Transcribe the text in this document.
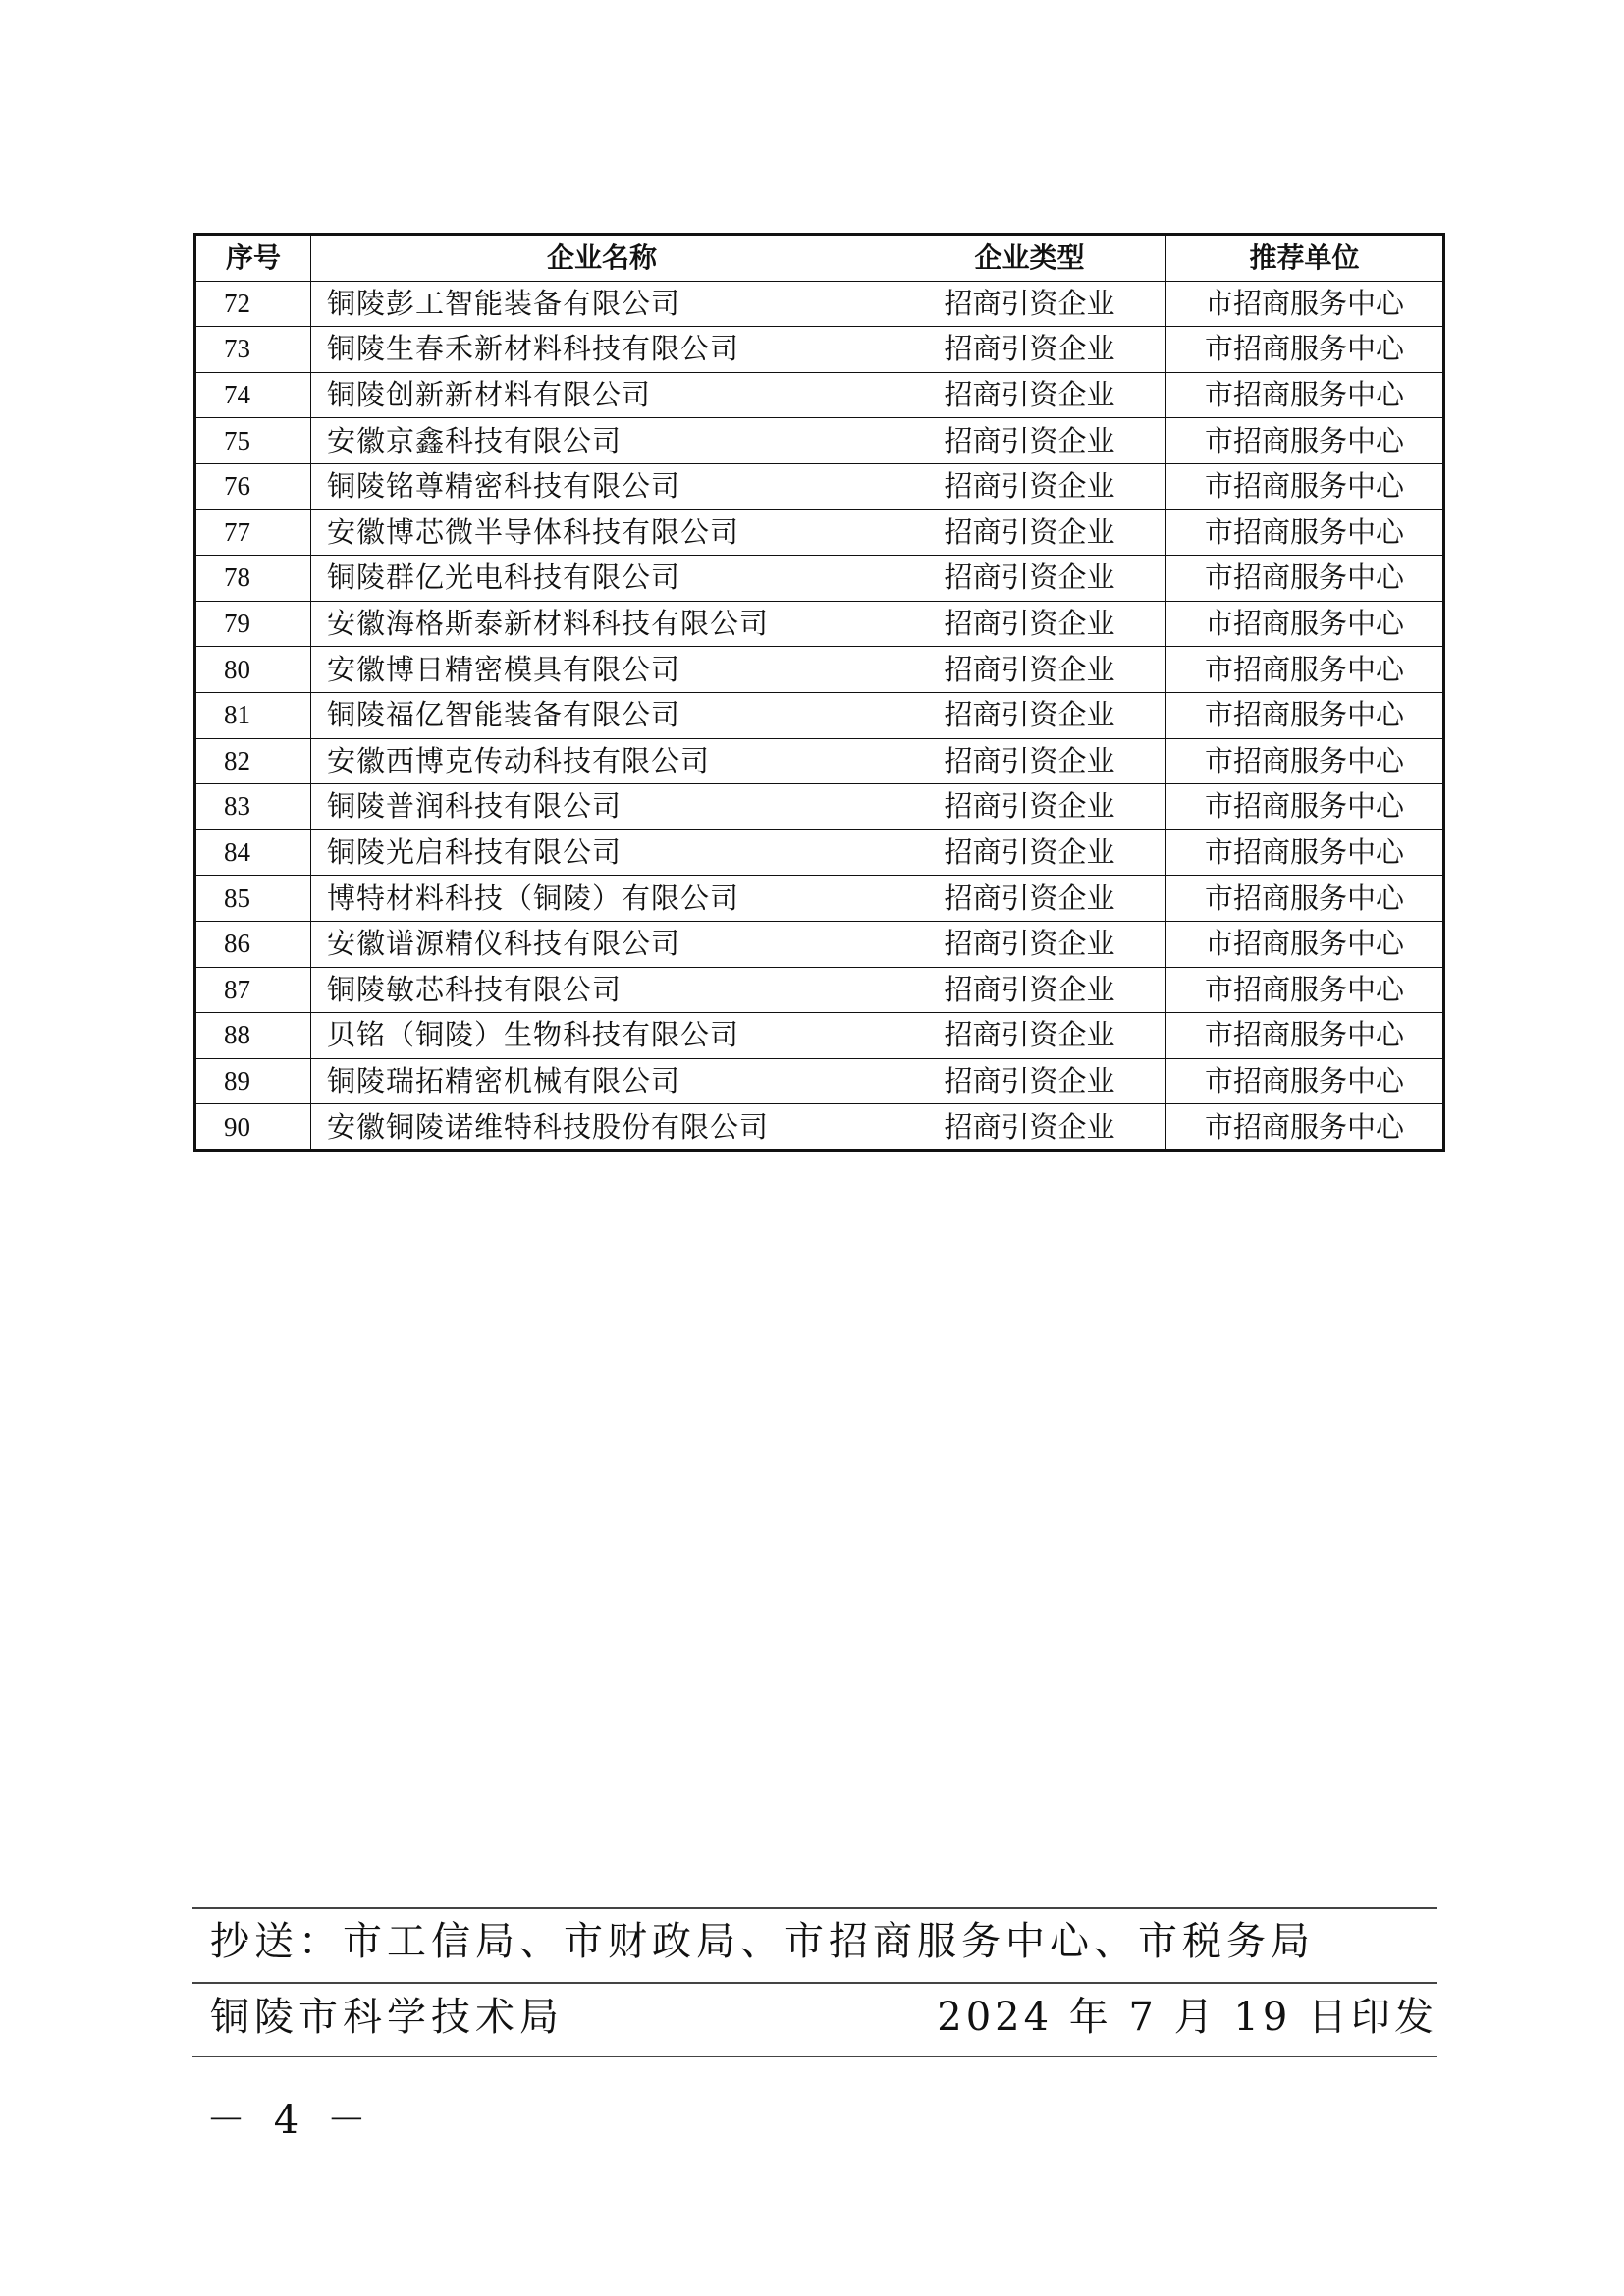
序号	企业名称	企业类型	推荐单位
72	铜陵彭工智能装备有限公司	招商引资企业	市招商服务中心
73	铜陵生春禾新材料科技有限公司	招商引资企业	市招商服务中心
74	铜陵创新新材料有限公司	招商引资企业	市招商服务中心
75	安徽京鑫科技有限公司	招商引资企业	市招商服务中心
76	铜陵铭尊精密科技有限公司	招商引资企业	市招商服务中心
77	安徽博芯微半导体科技有限公司	招商引资企业	市招商服务中心
78	铜陵群亿光电科技有限公司	招商引资企业	市招商服务中心
79	安徽海格斯泰新材料科技有限公司	招商引资企业	市招商服务中心
80	安徽博日精密模具有限公司	招商引资企业	市招商服务中心
81	铜陵福亿智能装备有限公司	招商引资企业	市招商服务中心
82	安徽西博克传动科技有限公司	招商引资企业	市招商服务中心
83	铜陵普润科技有限公司	招商引资企业	市招商服务中心
84	铜陵光启科技有限公司	招商引资企业	市招商服务中心
85	博特材料科技（铜陵）有限公司	招商引资企业	市招商服务中心
86	安徽谱源精仪科技有限公司	招商引资企业	市招商服务中心
87	铜陵敏芯科技有限公司	招商引资企业	市招商服务中心
88	贝铭（铜陵）生物科技有限公司	招商引资企业	市招商服务中心
89	铜陵瑞拓精密机械有限公司	招商引资企业	市招商服务中心
90	安徽铜陵诺维特科技股份有限公司	招商引资企业	市招商服务中心
抄送：市工信局、市财政局、市招商服务中心、市税务局
铜陵市科学技术局	2024 年 7 月 19 日印发
－ 4 －
